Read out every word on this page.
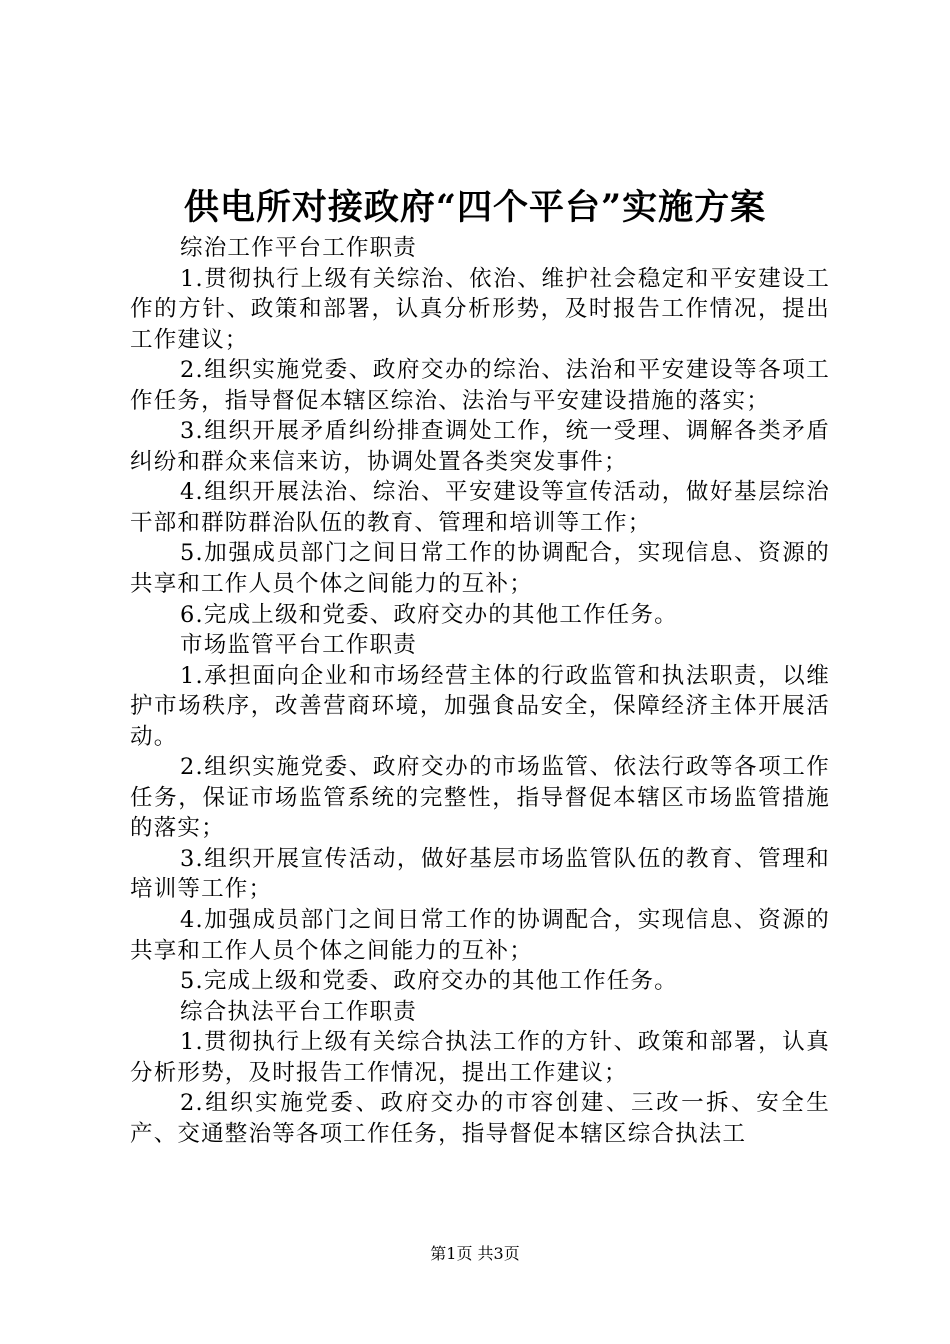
供电所对接政府“四个平台”实施方案

综治工作平台工作职责

1.贯彻执行上级有关综治、依治、维护社会稳定和平安建设工作的方针、政策和部署，认真分析形势，及时报告工作情况，提出工作建议；

2.组织实施党委、政府交办的综治、法治和平安建设等各项工作任务，指导督促本辖区综治、法治与平安建设措施的落实；

3.组织开展矛盾纠纷排查调处工作，统一受理、调解各类矛盾纠纷和群众来信来访，协调处置各类突发事件；

4.组织开展法治、综治、平安建设等宣传活动，做好基层综治干部和群防群治队伍的教育、管理和培训等工作；

5.加强成员部门之间日常工作的协调配合，实现信息、资源的共享和工作人员个体之间能力的互补；

6.完成上级和党委、政府交办的其他工作任务。

市场监管平台工作职责

1.承担面向企业和市场经营主体的行政监管和执法职责，以维护市场秩序，改善营商环境，加强食品安全，保障经济主体开展活动。

2.组织实施党委、政府交办的市场监管、依法行政等各项工作任务，保证市场监管系统的完整性，指导督促本辖区市场监管措施的落实；

3.组织开展宣传活动，做好基层市场监管队伍的教育、管理和培训等工作；

4.加强成员部门之间日常工作的协调配合，实现信息、资源的共享和工作人员个体之间能力的互补；

5.完成上级和党委、政府交办的其他工作任务。

综合执法平台工作职责

1.贯彻执行上级有关综合执法工作的方针、政策和部署，认真分析形势，及时报告工作情况，提出工作建议；

2.组织实施党委、政府交办的市容创建、三改一拆、安全生产、交通整治等各项工作任务，指导督促本辖区综合执法工

第1页 共3页
